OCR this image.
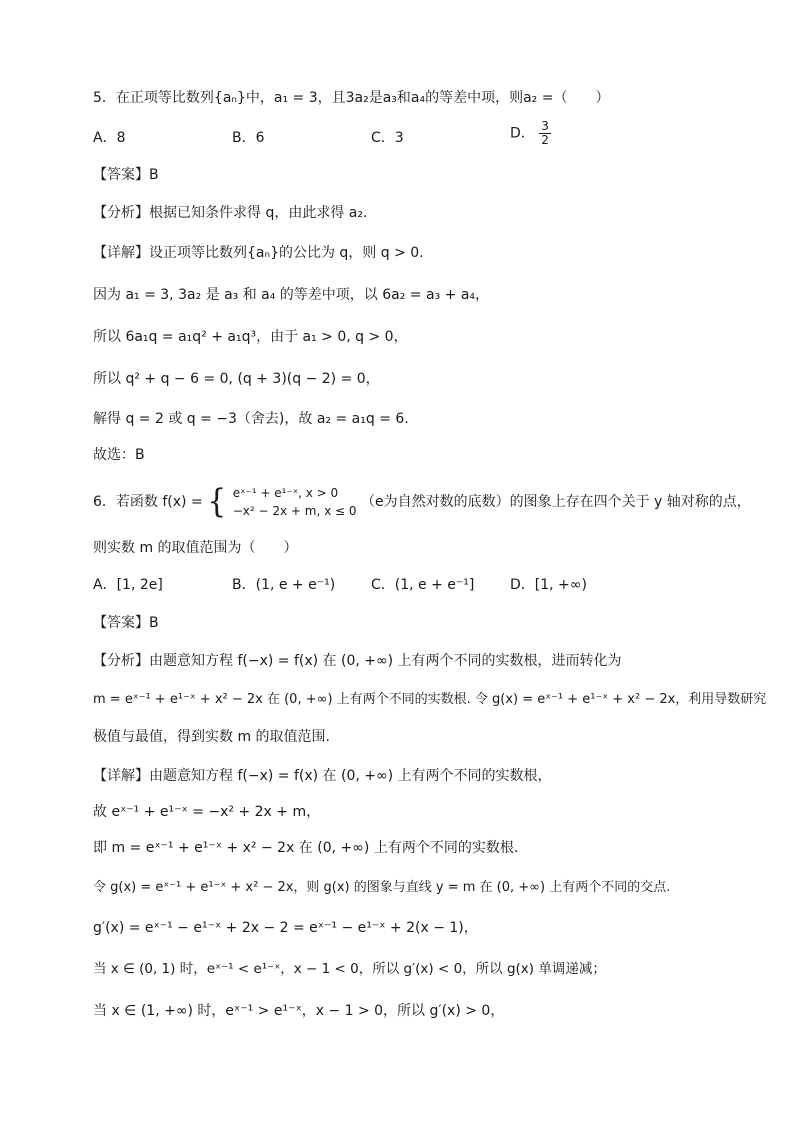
5．在正项等比数列{aₙ}中，a₁ = 3，且3a₂是a₃和a₄的等差中项，则a₂ =（　　）
A．8	B．6	C．3	D． $\frac{3}{2}$
【答案】B
【分析】根据已知条件求得 q，由此求得 a₂.
【详解】设正项等比数列{aₙ}的公比为 q，则 q > 0.
因为 a₁ = 3, 3a₂ 是 a₃ 和 a₄ 的等差中项，以 6a₂ = a₃ + a₄，
所以 6a₁q = a₁q² + a₁q³，由于 a₁ > 0, q > 0，
所以 q² + q − 6 = 0, (q + 3)(q − 2) = 0，
解得 q = 2 或 q = −3（舍去)，故 a₂ = a₁q = 6.
故选：B
6．若函数 f(x) = { eˣ⁻¹ + e¹⁻ˣ, x > 0
−x² − 2x + m, x ≤ 0
（e为自然对数的底数）的图象上存在四个关于 y 轴对称的点，
则实数 m 的取值范围为（　　）
A．[1, 2e]	B．(1, e + e⁻¹)	C．(1, e + e⁻¹]	D．[1, +∞)
【答案】B
【分析】由题意知方程 f(−x) = f(x) 在 (0, +∞) 上有两个不同的实数根，进而转化为
m = eˣ⁻¹ + e¹⁻ˣ + x² − 2x 在 (0, +∞) 上有两个不同的实数根. 令 g(x) = eˣ⁻¹ + e¹⁻ˣ + x² − 2x，利用导数研究
极值与最值，得到实数 m 的取值范围.
【详解】由题意知方程 f(−x) = f(x) 在 (0, +∞) 上有两个不同的实数根，
故 eˣ⁻¹ + e¹⁻ˣ = −x² + 2x + m，
即 m = eˣ⁻¹ + e¹⁻ˣ + x² − 2x 在 (0, +∞) 上有两个不同的实数根.
令 g(x) = eˣ⁻¹ + e¹⁻ˣ + x² − 2x，则 g(x) 的图象与直线 y = m 在 (0, +∞) 上有两个不同的交点.
g′(x) = eˣ⁻¹ − e¹⁻ˣ + 2x − 2 = eˣ⁻¹ − e¹⁻ˣ + 2(x − 1)，
当 x ∈ (0, 1) 时，eˣ⁻¹ < e¹⁻ˣ，x − 1 < 0，所以 g′(x) < 0，所以 g(x) 单调递减；
当 x ∈ (1, +∞) 时，eˣ⁻¹ > e¹⁻ˣ，x − 1 > 0，所以 g′(x) > 0，
